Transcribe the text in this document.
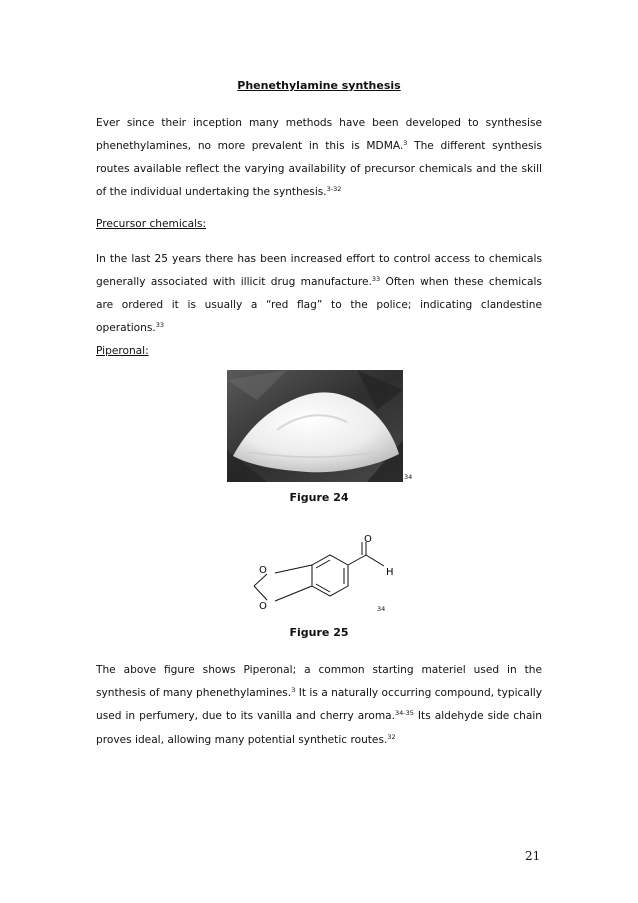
Phenethylamine synthesis

Ever since their inception many methods have been developed to synthesise phenethylamines, no more prevalent in this is MDMA.$^3$ The different synthesis routes available reflect the varying availability of precursor chemicals and the skill of the individual undertaking the synthesis.$^{3-32}$

Precursor chemicals:

In the last 25 years there has been increased effort to control access to chemicals generally associated with illicit drug manufacture.$^{33}$ Often when these chemicals are ordered it is usually a “red flag” to the police; indicating clandestine operations.$^{33}$

Piperonal:
34
Figure 24
O
H
O
O	34
Figure 25

The above figure shows Piperonal; a common starting materiel used in the synthesis of many phenethylamines.$^3$ It is a naturally occurring compound, typically used in perfumery, due to its vanilla and cherry aroma.$^{34-35}$ Its aldehyde side chain proves ideal, allowing many potential synthetic routes.$^{32}$

21
